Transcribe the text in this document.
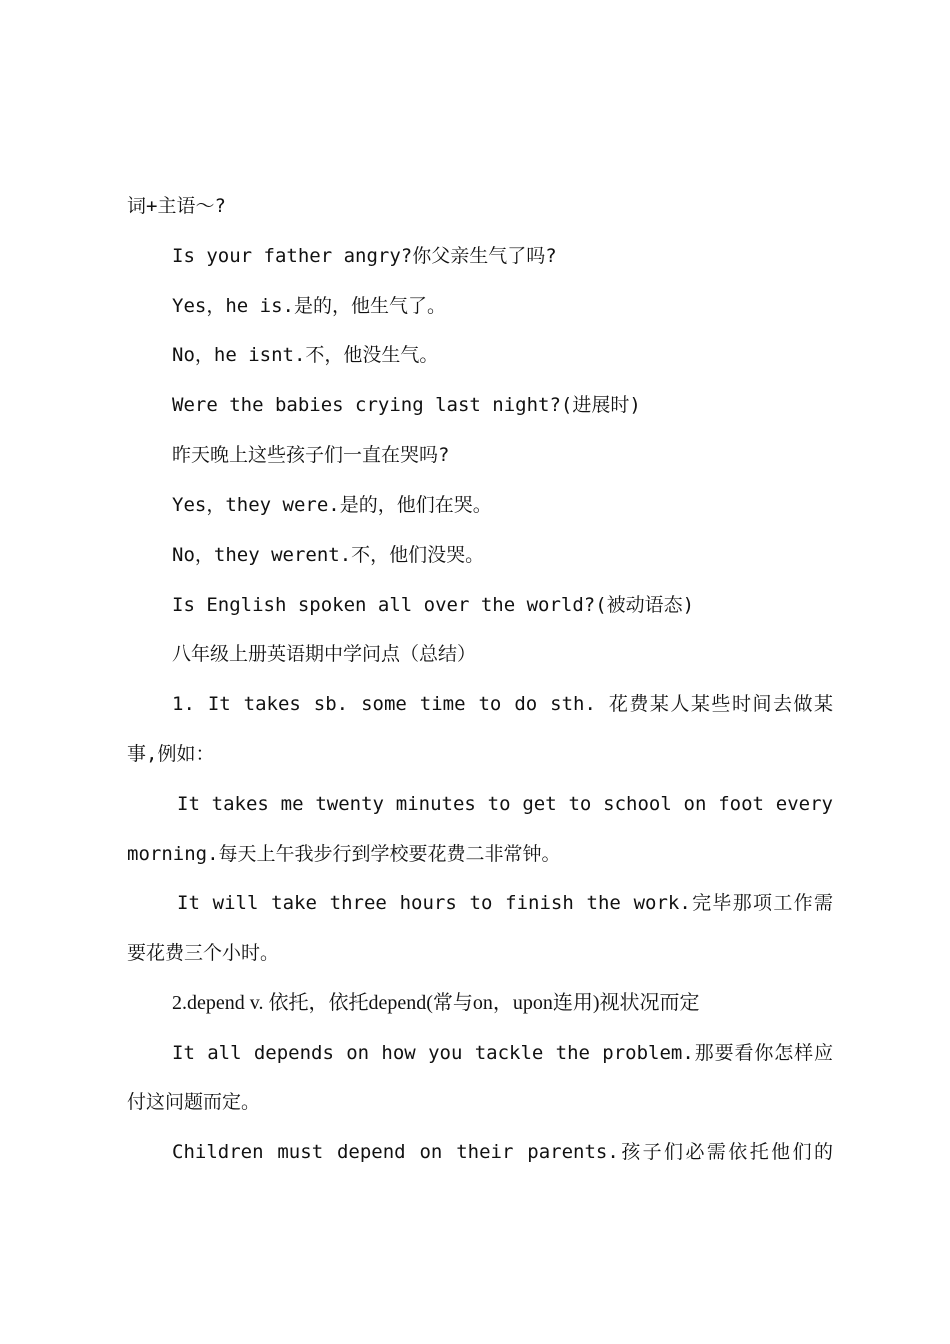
词+主语～?
Is your father angry?你父亲生气了吗?
Yes，he is.是的，他生气了。
No，he isnt.不，他没生气。
Were the babies crying last night?(进展时)
昨天晚上这些孩子们一直在哭吗?
Yes，they were.是的，他们在哭。
No，they werent.不，他们没哭。
Is English spoken all over the world?(被动语态)
八年级上册英语期中学问点（总结）
1. It takes sb. some time to do sth. 花费某人某些时间去做某
事,例如：
It takes me twenty minutes to get to school on foot every
morning.每天上午我步行到学校要花费二非常钟。
It will take three hours to finish the work.完毕那项工作需
要花费三个小时。
2.depend v. 依托，依托depend(常与on，upon连用)视状况而定
It all depends on how you tackle the problem.那要看你怎样应
付这问题而定。
Children must depend on their parents.孩子们必需依托他们的
